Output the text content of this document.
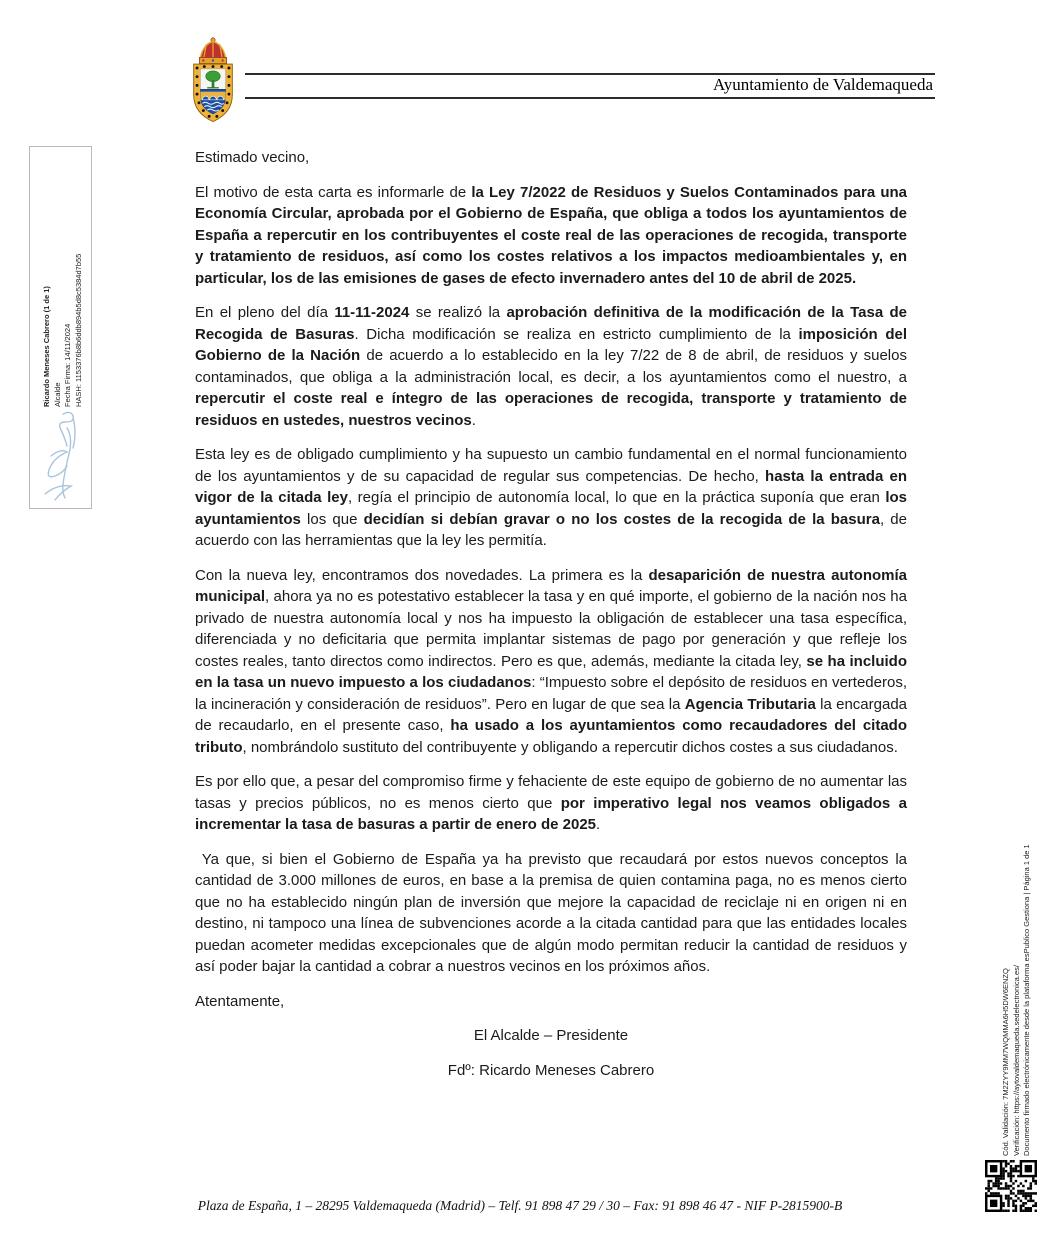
Ayuntamiento de Valdemaqueda

Estimado vecino,

El motivo de esta carta es informarle de la Ley 7/2022 de Residuos y Suelos Contaminados para una Economía Circular, aprobada por el Gobierno de España, que obliga a todos los ayuntamientos de España a repercutir en los contribuyentes el coste real de las operaciones de recogida, transporte y tratamiento de residuos, así como los costes relativos a los impactos medioambientales y, en particular, los de las emisiones de gases de efecto invernadero antes del 10 de abril de 2025.

En el pleno del día 11-11-2024 se realizó la aprobación definitiva de la modificación de la Tasa de Recogida de Basuras. Dicha modificación se realiza en estricto cumplimiento de la imposición del Gobierno de la Nación de acuerdo a lo establecido en la ley 7/22 de 8 de abril, de residuos y suelos contaminados, que obliga a la administración local, es decir, a los ayuntamientos como el nuestro, a repercutir el coste real e íntegro de las operaciones de recogida, transporte y tratamiento de residuos en ustedes, nuestros vecinos.

Esta ley es de obligado cumplimiento y ha supuesto un cambio fundamental en el normal funcionamiento de los ayuntamientos y de su capacidad de regular sus competencias. De hecho, hasta la entrada en vigor de la citada ley, regía el principio de autonomía local, lo que en la práctica suponía que eran los ayuntamientos los que decidían si debían gravar o no los costes de la recogida de la basura, de acuerdo con las herramientas que la ley les permitía.

Con la nueva ley, encontramos dos novedades. La primera es la desaparición de nuestra autonomía municipal, ahora ya no es potestativo establecer la tasa y en qué importe, el gobierno de la nación nos ha privado de nuestra autonomía local y nos ha impuesto la obligación de establecer una tasa específica, diferenciada y no deficitaria que permita implantar sistemas de pago por generación y que refleje los costes reales, tanto directos como indirectos. Pero es que, además, mediante la citada ley, se ha incluido en la tasa un nuevo impuesto a los ciudadanos: “Impuesto sobre el depósito de residuos en vertederos, la incineración y consideración de residuos”. Pero en lugar de que sea la Agencia Tributaria la encargada de recaudarlo, en el presente caso, ha usado a los ayuntamientos como recaudadores del citado tributo, nombrándolo sustituto del contribuyente y obligando a repercutir dichos costes a sus ciudadanos.

Es por ello que, a pesar del compromiso firme y fehaciente de este equipo de gobierno de no aumentar las tasas y precios públicos, no es menos cierto que por imperativo legal nos veamos obligados a incrementar la tasa de basuras a partir de enero de 2025.

Ya que, si bien el Gobierno de España ya ha previsto que recaudará por estos nuevos conceptos la cantidad de 3.000 millones de euros, en base a la premisa de quien contamina paga, no es menos cierto que no ha establecido ningún plan de inversión que mejore la capacidad de reciclaje ni en origen ni en destino, ni tampoco una línea de subvenciones acorde a la citada cantidad para que las entidades locales puedan acometer medidas excepcionales que de algún modo permitan reducir la cantidad de residuos y así poder bajar la cantidad a cobrar a nuestros vecinos en los próximos años.

Atentamente,

El Alcalde – Presidente

Fdº: Ricardo Meneses Cabrero

Ricardo Meneses Cabrero (1 de 1) Alcalde Fecha Firma: 14/11/2024 HASH: 1153376b8b6ddb894b5d8c5384d7b55
Cód. Validación: 7M2ZYY9MM7WQMMA6H5DW6ENZQ Verificación: https://aytovaldemaqueda.sedelectronica.es/ Documento firmado electrónicamente desde la plataforma esPublico Gestiona | Página 1 de 1
Plaza de España, 1 – 28295 Valdemaqueda (Madrid) – Telf. 91 898 47 29 / 30 – Fax: 91 898 46 47 - NIF P-2815900-B
